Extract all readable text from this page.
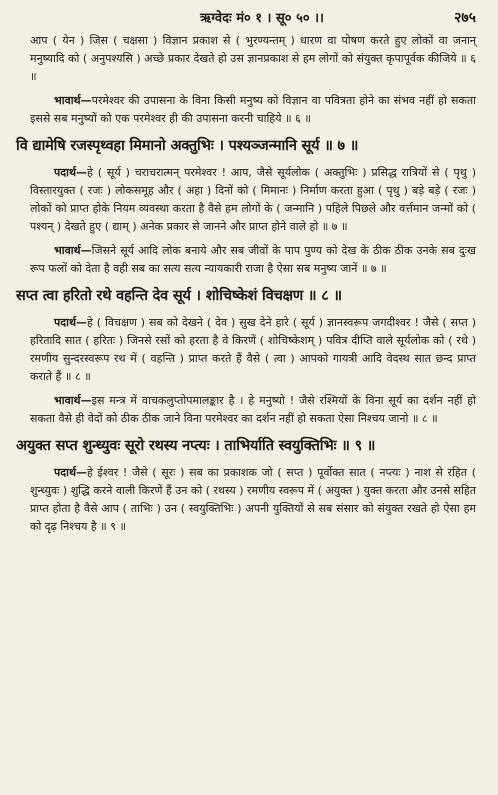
ऋग्वेदः मं० १ । सू० ५० ।।	२७५

आप ( येन ) जिस ( चक्षसा ) विज्ञान प्रकाश से ( भुरण्यन्तम् ) धारण वा पोषण करते हुए लोकों वा जनान् मनुष्यादि को ( अनुपश्यसि ) अच्छे प्रकार देखते हो उस ज्ञानप्रकाश से हम लोगों को संयुक्त कृपापूर्वक कीजिये ॥ ६ ॥

भावार्थ—परमेश्वर की उपासना के विना किसी मनुष्य को विज्ञान वा पवित्रता होने का संभव नहीं हो सकता इससे सब मनुष्यों को एक परमेश्वर ही की उपासना करनी चाहिये ॥ ६ ॥

वि द्यामेषि रजस्पृथ्वहा मिमानो अक्तुभिः । पश्यञ्जन्मानि सूर्य ॥ ७ ॥

पदार्थ—हे ( सूर्य ) चराचरात्मन् परमेश्वर ! आप, जैसे सूर्यलोक ( अक्तुभिः ) प्रसिद्ध रात्रियों से ( पृथु ) विस्तारयुक्त ( रजः ) लोकसमूह और ( अहा ) दिनों को ( मिमानः ) निर्माण करता हुआ ( पृथु ) बड़े बड़े ( रजः ) लोकों को प्राप्त होके नियम व्यवस्था करता है वैसे हम लोगों के ( जन्मानि ) पहिले पिछले और वर्त्तमान जन्मों को ( पश्यन् ) देखते हुए ( द्याम् ) अनेक प्रकार से जानने और प्राप्त होने वाले हो ॥ ७ ॥

भावार्थ—जिसने सूर्य आदि लोक बनाये और सब जीवों के पाप पुण्य को देख के ठीक ठीक उनके सब दुःख रूप फलों को देता है वही सब का सत्य सत्य न्यायकारी राजा है ऐसा सब मनुष्य जानें ॥ ७ ॥

सप्त त्वा हरितो रथे वहन्ति देव सूर्य । शोचिष्केशं विचक्षण ॥ ८ ॥

पदार्थ—हे ( विचक्षण ) सब को देखने ( देव ) सुख देने हारे ( सूर्य ) ज्ञानस्वरूप जगदीश्वर ! जैसे ( सप्त ) हरितादि सात ( हरितः ) जिनसे रसों को हरता है वे किरणें ( शोचिष्केशम् ) पवित्र दीप्ति वाले सूर्यलोक को ( रथे ) रमणीय सुन्दरस्वरूप रथ में ( वहन्ति ) प्राप्त करते हैं वैसे ( त्वा ) आपको गायत्री आदि वेदस्थ सात छन्द प्राप्त कराते हैं ॥ ८ ॥

भावार्थ—इस मन्त्र में वाचकलुप्तोपमालङ्कार है । हे मनुष्यो ! जैसे रश्मियों के विना सूर्य का दर्शन नहीं हो सकता वैसे ही वेदों को ठीक ठीक जाने विना परमेश्वर का दर्शन नहीं हो सकता ऐसा निश्चय जानो ॥ ८ ॥

अयुक्त सप्त शुन्ध्युवः सूरो रथस्य नप्त्यः । ताभिर्याति स्वयुक्तिभिः ॥ ९ ॥

पदार्थ—हे ईश्वर ! जैसे ( सूरः ) सब का प्रकाशक जो ( सप्त ) पूर्वोक्त सात ( नप्त्यः ) नाश से रहित ( शुन्ध्युवः ) शुद्धि करने वाली किरणें हैं उन को ( रथस्य ) रमणीय स्वरूप में ( अयुक्त ) युक्त करता और उनसे सहित प्राप्त होता है वैसे आप ( ताभिः ) उन ( स्वयुक्तिभिः ) अपनी युक्तियों से सब संसार को संयुक्त रखते हो ऐसा हम को दृढ़ निश्चय है ॥ ९ ॥
